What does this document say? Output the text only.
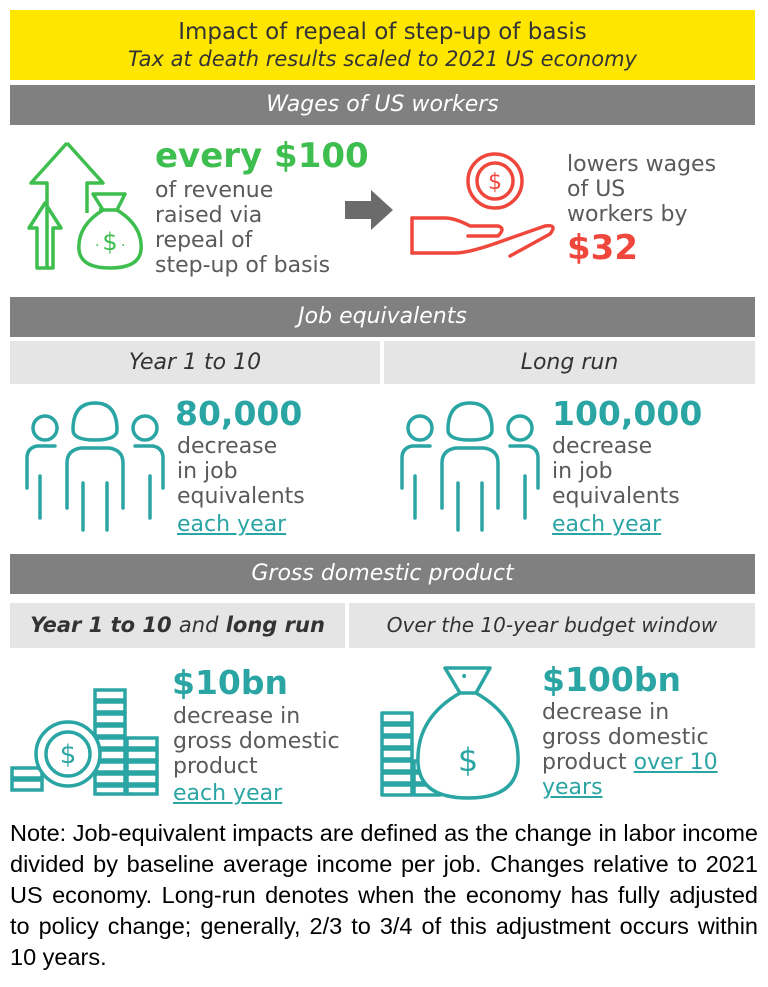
Impact of repeal of step-up of basis
Tax at death results scaled to 2021 US economy
Wages of US workers
$
· ·
every $100
of revenue
raised via
repeal of
step-up of basis
$
lowers wages
of US
workers by
$32
Job equivalents
Year 1 to 10	Long run
80,000
decrease
in job
equivalents
each year
100,000
decrease
in job
equivalents
each year
Gross domestic product
Year 1 to 10 and long run	Over the 10-year budget window
$
$10bn
decrease in
gross domestic
product
each year
•
$
$100bn
decrease in
gross domestic
product over 10
years
Note: Job-equivalent impacts are defined as the change in labor income divided by baseline average income per job. Changes relative to 2021 US economy. Long-run denotes when the economy has fully adjusted to policy change; generally, 2/3 to 3/4 of this adjustment occurs within 10 years.
